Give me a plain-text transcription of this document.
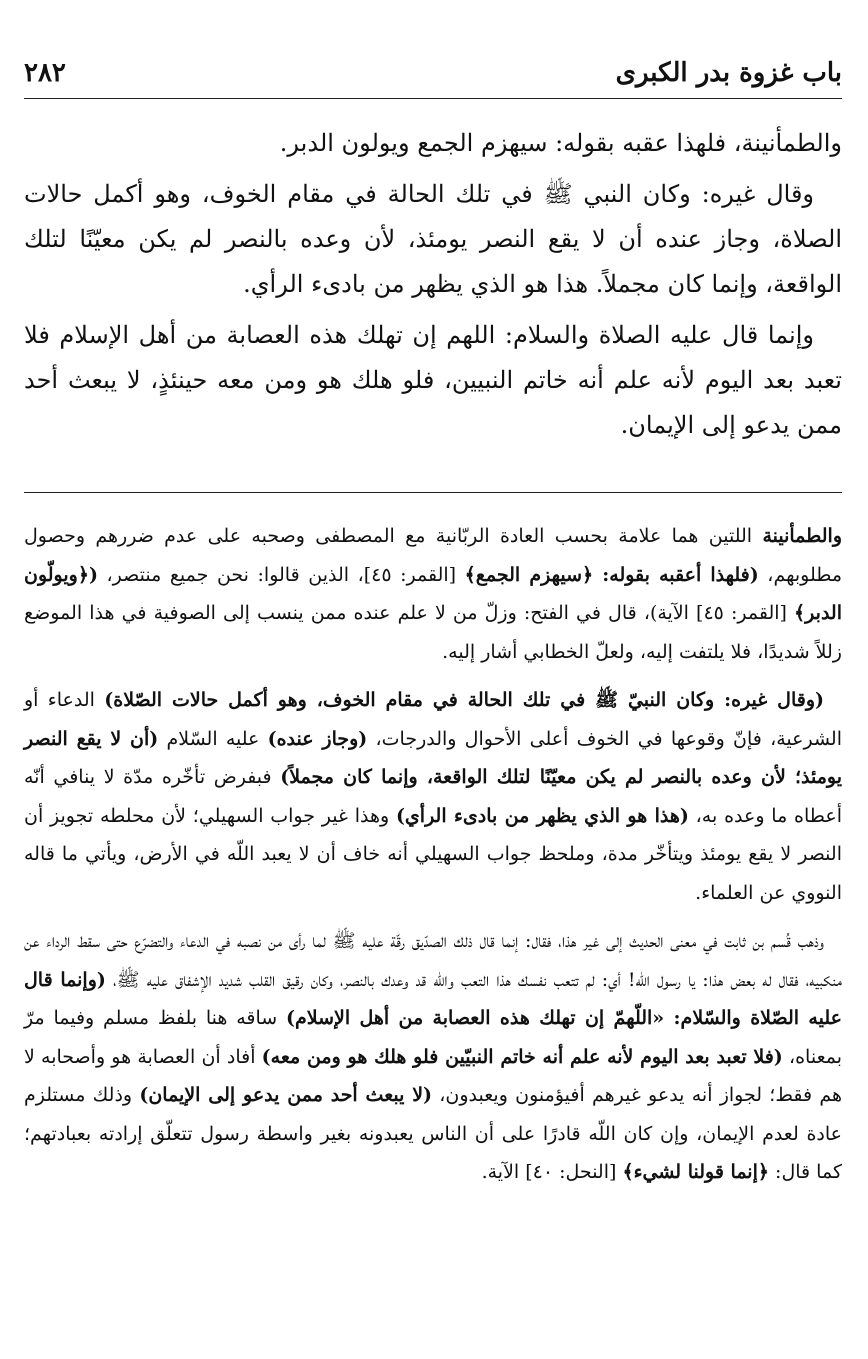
باب غزوة بدر الكبرى
٢٨٢

والطمأنينة، فلهذا عقبه بقوله: سيهزم الجمع ويولون الدبر.

وقال غيره: وكان النبي ﷺ في تلك الحالة في مقام الخوف، وهو أكمل حالات الصلاة، وجاز عنده أن لا يقع النصر يومئذ، لأن وعده بالنصر لم يكن معيّنًا لتلك الواقعة، وإنما كان مجملاً. هذا هو الذي يظهر من بادىء الرأي.

وإنما قال عليه الصلاة والسلام: اللهم إن تهلك هذه العصابة من أهل الإسلام فلا تعبد بعد اليوم لأنه علم أنه خاتم النبيين، فلو هلك هو ومن معه حينئذٍ، لا يبعث أحد ممن يدعو إلى الإيمان.

والطمأنينة اللتين هما علامة بحسب العادة الربّانية مع المصطفى وصحبه على عدم ضررهم وحصول مطلوبهم، (فلهذا أعقبه بقوله: ﴿سيهزم الجمع﴾ [القمر: ٤٥]، الذين قالوا: نحن جميع منتصر، (﴿ويولّون الدبر﴾ [القمر: ٤٥] الآية)، قال في الفتح: وزلّ من لا علم عنده ممن ينسب إلى الصوفية في هذا الموضع زللاً شديدًا، فلا يلتفت إليه، ولعلّ الخطابي أشار إليه.

(وقال غيره: وكان النبيّ ﷺ في تلك الحالة في مقام الخوف، وهو أكمل حالات الصّلاة) الدعاء أو الشرعية، فإنّ وقوعها في الخوف أعلى الأحوال والدرجات، (وجاز عنده) عليه السّلام (أن لا يقع النصر يومئذ؛ لأن وعده بالنصر لم يكن معيّنًا لتلك الواقعة، وإنما كان مجملاً) فبفرض تأخّره مدّة لا ينافي أنّه أعطاه ما وعده به، (هذا هو الذي يظهر من بادىء الرأي) وهذا غير جواب السهيلي؛ لأن محلطه تجويز أن النصر لا يقع يومئذ ويتأخّر مدة، وملحظ جواب السهيلي أنه خاف أن لا يعبد اللّه في الأرض، ويأتي ما قاله النووي عن العلماء.

وذهب قُسم بن ثابت في معنى الحديث إلى غير هذا، فقال: إنما قال ذلك الصدّيق رقّة عليه ﷺ لما رأى من نصبه في الدعاء والتضرّع حتى سقط الرداء عن منكبيه، فقال له بعض هذا: يا رسول اللّه! أي: لم تتعب نفسك هذا التعب واللّه قد وعدك بالنصر، وكان رقيق القلب شديد الإشفاق عليه ﷺ، (وإنما قال عليه الصّلاة والسّلام: «اللّهمّ إن تهلك هذه العصابة من أهل الإسلام) ساقه هنا بلفظ مسلم وفيما مرّ بمعناه، (فلا تعبد بعد اليوم لأنه علم أنه خاتم النبيّين فلو هلك هو ومن معه) أفاد أن العصابة هو وأصحابه لا هم فقط؛ لجواز أنه يدعو غيرهم أفيؤمنون ويعبدون، (لا يبعث أحد ممن يدعو إلى الإيمان) وذلك مستلزم عادة لعدم الإيمان، وإن كان اللّه قادرًا على أن الناس يعبدونه بغير واسطة رسول تتعلّق إرادته بعبادتهم؛ كما قال: ﴿إنما قولنا لشيء﴾ [النحل: ٤٠] الآية.
